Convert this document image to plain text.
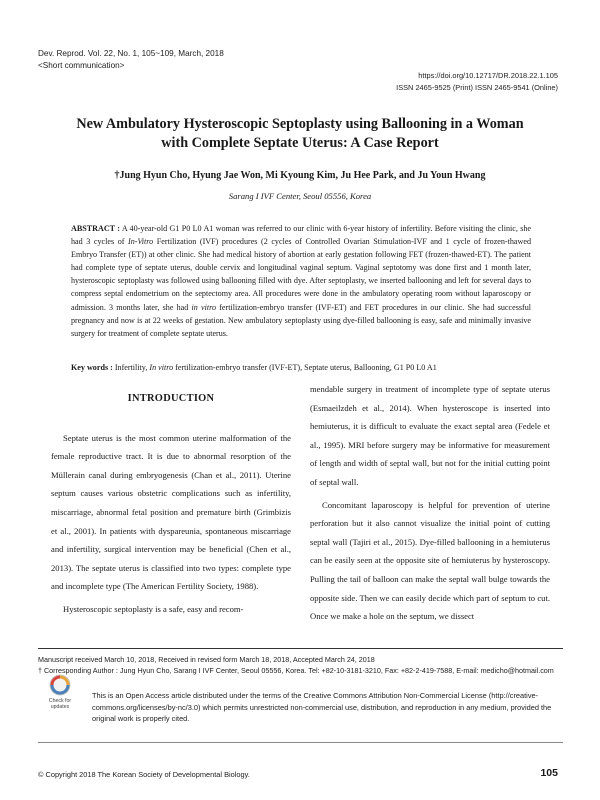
Dev. Reprod. Vol. 22, No. 1, 105~109, March, 2018
<Short communication>
https://doi.org/10.12717/DR.2018.22.1.105
ISSN 2465-9525 (Print) ISSN 2465-9541 (Online)
New Ambulatory Hysteroscopic Septoplasty using Ballooning in a Woman
with Complete Septate Uterus: A Case Report
†Jung Hyun Cho, Hyung Jae Won, Mi Kyoung Kim, Ju Hee Park, and Ju Youn Hwang
Sarang I IVF Center, Seoul 05556, Korea
ABSTRACT : A 40-year-old G1 P0 L0 A1 woman was referred to our clinic with 6-year history of infertility. Before visiting the clinic, she had 3 cycles of In-Vitro Fertilization (IVF) procedures (2 cycles of Controlled Ovarian Stimulation-IVF and 1 cycle of frozen-thawed Embryo Transfer (ET)) at other clinic. She had medical history of abortion at early gestation following FET (frozen-thawed-ET). The patient had complete type of septate uterus, double cervix and longitudinal vaginal septum. Vaginal septotomy was done first and 1 month later, hysteroscopic septoplasty was followed using ballooning filled with dye. After septoplasty, we inserted ballooning and left for several days to compress septal endometrium on the septectomy area. All procedures were done in the ambulatory operating room without laparoscopy or admission. 3 months later, she had in vitro fertilization-embryo transfer (IVF-ET) and FET procedures in our clinic. She had successful pregnancy and now is at 22 weeks of gestation. New ambulatory septoplasty using dye-filled ballooning is easy, safe and minimally invasive surgery for treatment of complete septate uterus.
Key words : Infertility, In vitro fertilization-embryo transfer (IVF-ET), Septate uterus, Ballooning, G1 P0 L0 A1
INTRODUCTION

Septate uterus is the most common uterine malformation of the female reproductive tract. It is due to abnormal resorption of the Müllerain canal during embryogenesis (Chan et al., 2011). Uterine septum causes various obstetric complications such as infertility, miscarriage, abnormal fetal position and premature birth (Grimbizis et al., 2001). In patients with dyspareunia, spontaneous miscarriage and infertility, surgical intervention may be beneficial (Chen et al., 2013). The septate uterus is classified into two types: complete type and incomplete type (The American Fertility Society, 1988).

Hysteroscopic septoplasty is a safe, easy and recom-

mendable surgery in treatment of incomplete type of septate uterus (Esmaeilzdeh et al., 2014). When hysteroscope is inserted into hemiuterus, it is difficult to evaluate the exact septal area (Fedele et al., 1995). MRI before surgery may be informative for measurement of length and width of septal wall, but not for the initial cutting point of septal wall.

Concomitant laparoscopy is helpful for prevention of uterine perforation but it also cannot visualize the initial point of cutting septal wall (Tajiri et al., 2015). Dye-filled ballooning in a hemiuterus can be easily seen at the opposite site of hemiuterus by hysteroscopy. Pulling the tail of balloon can make the septal wall bulge towards the opposite side. Then we can easily decide which part of septum to cut. Once we make a hole on the septum, we dissect

Manuscript received March 10, 2018, Received in revised form March 18, 2018, Accepted March 24, 2018
† Corresponding Author : Jung Hyun Cho, Sarang I IVF Center, Seoul 05556, Korea. Tel: +82-10-3181-3210, Fax: +82-2-419-7588, E-mail: medicho@hotmail.com
Check for
updates
This is an Open Access article distributed under the terms of the Creative Commons Attribution Non-Commercial License (http://creative-commons.org/licenses/by-nc/3.0) which permits unrestricted non-commercial use, distribution, and reproduction in any medium, provided the original work is properly cited.
© Copyright 2018 The Korean Society of Developmental Biology.	105
